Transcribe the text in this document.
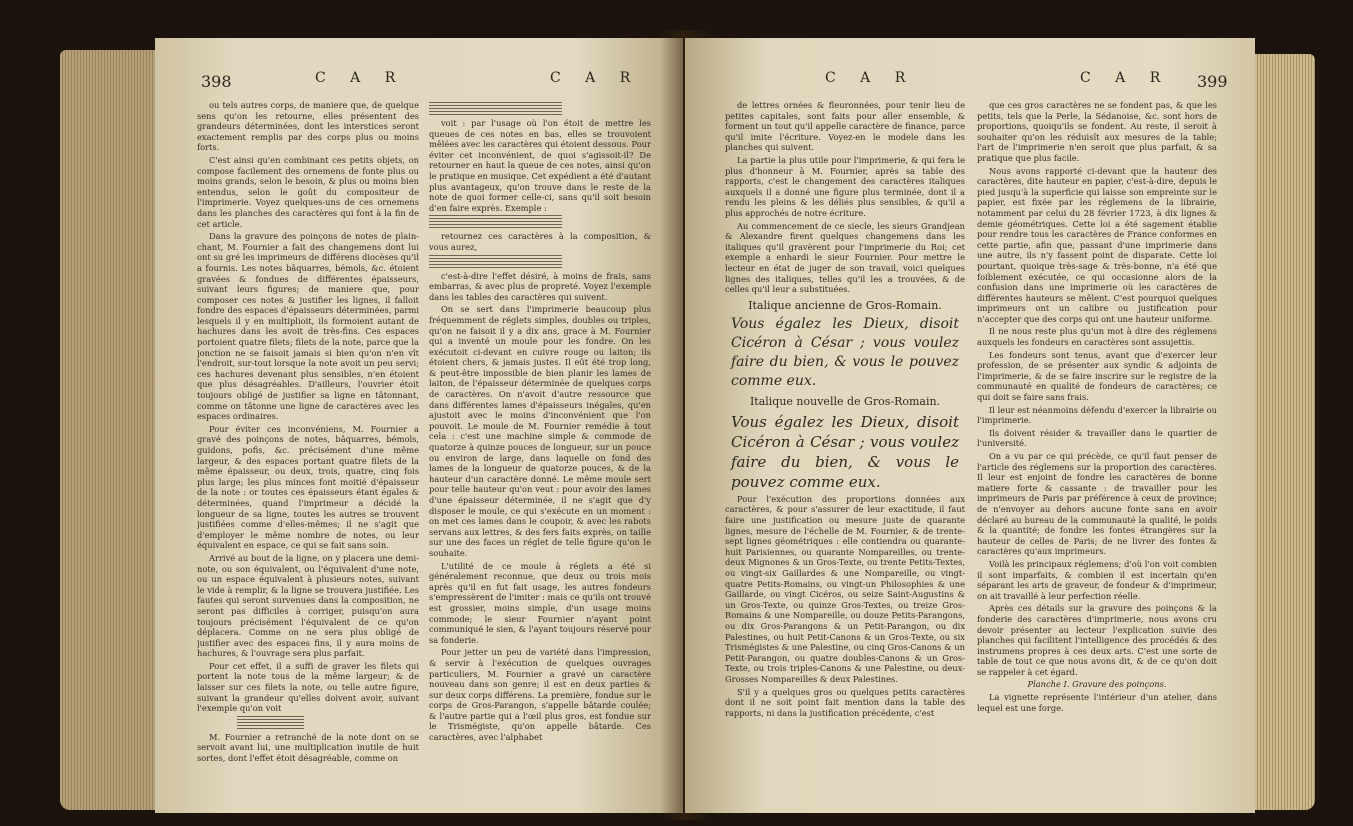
398	C A R	C A R

ou tels autres corps, de maniere que, de quelque sens qu'on les retourne, elles présentent des grandeurs déterminées, dont les interstices seront exactement remplis par des corps plus ou moins forts.

C'est ainsi qu'en combinant ces petits objets, on compose facilement des ornemens de fonte plus ou moins grands, selon le besoin, & plus ou moins bien entendus, selon le goût du compositeur de l'imprimerie. Voyez quelques-uns de ces ornemens dans les planches des caractères qui font à la fin de cet article.

Dans la gravure des poinçons de notes de plain-chant, M. Fournier a fait des changemens dont lui ont su gré les imprimeurs de différens diocèses qu'il a fournis. Les notes bâquarres, bémols, &c. étoient gravées & fondues de différentes épaisseurs, suivant leurs figures; de maniere que, pour composer ces notes & justifier les lignes, il falloit fondre des espaces d'épaisseurs déterminées, parmi lesquels il y en multiplioit, ils formoient autant de hachures dans les avoit de très-fins. Ces espaces portoient quatre filets; filets de la note, parce que la jonction ne se faisoit jamais si bien qu'on n'en vît l'endroit, sur-tout lorsque la note avoit un peu servi; ces hachures devenant plus sensibles, n'en étoient que plus désagréables. D'ailleurs, l'ouvrier étoit toujours obligé de justifier sa ligne en tâtonnant, comme on tâtonne une ligne de caractères avec les espaces ordinaires.

Pour éviter ces inconvéniens, M. Fournier a gravé des poinçons de notes, bâquarres, bémols, guidons, pofis, &c. précisément d'une même largeur, & des espaces portant quatre filets de la même épaisseur, ou deux, trois, quatre, cinq fois plus large; les plus minces font moitié d'épaisseur de la note : or toutes ces épaisseurs étant égales & déterminées, quand l'imprimeur a décidé la longueur de sa ligne, toutes les autres se trouvent justifiées comme d'elles-mêmes; il ne s'agit que d'employer le même nombre de notes, ou leur équivalent en espace, ce qui se fait sans soin.

Arrivé au bout de la ligne, on y placera une demi-note, ou son équivalent, ou l'équivalent d'une note, ou un espace équivalent à plusieurs notes, suivant le vide à remplir, & la ligne se trouvera justifiée. Les fautes qui seront survenues dans la composition, ne seront pas difficiles à corriger, puisqu'on aura toujours précisément l'équivalent de ce qu'on déplacera. Comme on ne sera plus obligé de justifier avec des espaces fins, il y aura moins de hachures, & l'ouvrage sera plus parfait.

Pour cet effet, il a suffi de graver les filets qui portent la note tous de la même largeur; & de laisser sur ces filets la note, ou telle autre figure, suivant la grandeur qu'elles doivent avoir, suivant l'exemple qu'on voit

M. Fournier a retranché de la note dont on se servoit avant lui, une multiplication inutile de huit sortes, dont l'effet étoit désagréable, comme on

voit : par l'usage où l'on étoit de mettre les queues de ces notes en bas, elles se trouvoient mêlées avec les caractères qui étoient dessous. Pour éviter cet inconvénient, de quoi s'agissoit-il? De retourner en haut la queue de ces notes, ainsi qu'on le pratique en musique. Cet expédient a été d'autant plus avantageux, qu'on trouve dans le reste de la note de quoi former celle-ci, sans qu'il soit besoin d'en faire exprès. Exemple :

retournez ces caractères à la composition, & vous aurez,

c'est-à-dire l'effet désiré, à moins de frais, sans embarras, & avec plus de propreté. Voyez l'exemple dans les tables des caractères qui suivent.

On se sert dans l'imprimerie beaucoup plus fréquemment de réglets simples, doubles ou triples, qu'on ne faisoit il y a dix ans, grace à M. Fournier qui a inventé un moule pour les fondre. On les exécutoit ci-devant en cuivre rouge ou laiton; ils étoient chers, & jamais justes. Il eût été trop long, & peut-être impossible de bien planir les lames de laiton, de l'épaisseur déterminée de quelques corps de caractères. On n'avoit d'autre ressource que dans différentes lames d'épaisseurs inégales, qu'en ajustoit avec le moins d'inconvénient que l'on pouvoit. Le moule de M. Fournier remédie à tout cela : c'est une machine simple & commode de quatorze à quinze pouces de longueur, sur un pouce ou environ de large, dans laquelle on fond des lames de la longueur de quatorze pouces, & de la hauteur d'un caractère donné. Le même moule sert pour telle hauteur qu'on veut : pour avoir des lames d'une épaisseur déterminée, il ne s'agit que d'y disposer le moule, ce qui s'exécute en un moment : on met ces lames dans le coupoir, & avec les rabots servans aux lettres, & des fers faits exprès, on taille sur une des faces un réglet de telle figure qu'on le souhaite.

L'utilité de ce moule à réglets a été si généralement reconnue, que deux ou trois mois après qu'il en fut fait usage, les autres fondeurs s'empressèrent de l'imiter : mais ce qu'ils ont trouvé est grossier, moins simple, d'un usage moins commode; le sieur Fournier n'ayant point communiqué le sien, & l'ayant toujours réservé pour sa fonderie.

Pour jetter un peu de variété dans l'impression, & servir à l'exécution de quelques ouvrages particuliers, M. Fournier a gravé un caractère nouveau dans son genre; il est en deux parties & sur deux corps différens. La première, fondue sur le corps de Gros-Parangon, s'appelle bâtarde coulée; & l'autre partie qui a l'œil plus gros, est fondue sur le Trismégiste, qu'on appelle bâtarde. Ces caractères, avec l'alphabet

C A R	C A R 399

de lettres ornées & fleuronnées, pour tenir lieu de petites capitales, sont faits pour aller ensemble, & forment un tout qu'il appelle caractère de finance, parce qu'il imite l'écriture. Voyez-en le modele dans les planches qui suivent.

La partie la plus utile pour l'imprimerie, & qui fera le plus d'honneur à M. Fournier, après sa table des rapports, c'est le changement des caractères italiques auxquels il a donné une figure plus terminée, dont il a rendu les pleins & les déliés plus sensibles, & qu'il a plus approchés de notre écriture.

Au commencement de ce siecle, les sieurs Grandjean & Alexandre firent quelques changemens dans les italiques qu'il gravèrent pour l'imprimerie du Roi; cet exemple a enhardi le sieur Fournier. Pour mettre le lecteur en état de juger de son travail, voici quelques lignes des italiques, telles qu'il les a trouvées, & de celles qu'il leur a substituées.

Italique ancienne de Gros-Romain.
Vous égalez les Dieux, disoit Cicéron à César ; vous voulez faire du bien, & vous le pouvez comme eux.
Italique nouvelle de Gros-Romain.
Vous égalez les Dieux, disoit Cicéron à César ; vous voulez faire du bien, & vous le pouvez comme eux.

Pour l'exécution des proportions données aux caractères, & pour s'assurer de leur exactitude, il faut faire une justification ou mesure juste de quarante lignes, mesure de l'échelle de M. Fournier, & de trente-sept lignes géométriques : elle contiendra ou quarante-huit Parisiennes, ou quarante Nompareilles, ou trente-deux Mignones & un Gros-Texte, ou trente Petits-Textes, ou vingt-six Gaillardes & une Nompareille, ou vingt-quatre Petits-Romains, ou vingt-un Philosophies & une Gaillarde, ou vingt Cicéros, ou seize Saint-Augustins & un Gros-Texte, ou quinze Gros-Textes, ou treize Gros-Romains & une Nompareille, ou douze Petits-Parangons, ou dix Gros-Parangons & un Petit-Parangon, ou dix Palestines, ou huit Petit-Canons & un Gros-Texte, ou six Trismégistes & une Palestine, ou cinq Gros-Canons & un Petit-Parangon, ou quatre doubles-Canons & un Gros-Texte, ou trois triples-Canons & une Palestine, ou deux-Grosses Nompareilles & deux Palestines.

S'il y a quelques gros ou quelques petits caractères dont il ne soit point fait mention dans la table des rapports, ni dans la justification précédente, c'est

que ces gros caractères ne se fondent pas, & que les petits, tels que la Perle, la Sédanoise, &c. sont hors de proportions, quoiqu'ils se fondent. Au reste, il seroit à souhaiter qu'on les réduisît aux mesures de la table; l'art de l'imprimerie n'en seroit que plus parfait, & sa pratique que plus facile.

Nous avons rapporté ci-devant que la hauteur des caractères, dite hauteur en papier, c'est-à-dire, depuis le pied jusqu'à la superficie qui laisse son empreinte sur le papier, est fixée par les réglemens de la librairie, notamment par celui du 28 février 1723, à dix lignes & demie géométriques. Cette loi a été sagement établie pour rendre tous les caractères de France conformes en cette partie, afin que, passant d'une imprimerie dans une autre, ils n'y fassent point de disparate. Cette loi pourtant, quoique très-sage & très-bonne, n'a été que foiblement exécutée, ce qui occasionne alors de la confusion dans une imprimerie où les caractères de différentes hauteurs se mêlent. C'est pourquoi quelques imprimeurs ont un calibre ou justification pour n'accepter que des corps qui ont une hauteur uniforme.

Il ne nous reste plus qu'un mot à dire des réglemens auxquels les fondeurs en caractères sont assujettis.

Les fondeurs sont tenus, avant que d'exercer leur profession, de se présenter aux syndic & adjoints de l'imprimerie, & de se faire inscrire sur le registre de la communauté en qualité de fondeurs de caractères; ce qui doit se faire sans frais.

Il leur est néanmoins défendu d'exercer la librairie ou l'imprimerie.

Ils doivent résider & travailler dans le quartier de l'université.

On a vu par ce qui précède, ce qu'il faut penser de l'article des réglemens sur la proportion des caractères. Il leur est enjoint de fondre les caractères de bonne matiere forte & cassante : de travailler pour les imprimeurs de Paris par préférence à ceux de province; de n'envoyer au dehors aucune fonte sans en avoir déclaré au bureau de la communauté la qualité, le poids & la quantité; de fondre les fontes étrangères sur la hauteur de celles de Paris; de ne livrer des fontes & caractères qu'aux imprimeurs.

Voilà les principaux réglemens; d'où l'on voit combien il sont imparfaits, & combien il est incertain qu'en séparant les arts de graveur, de fondeur & d'imprimeur, on ait travaillé à leur perfection réelle.

Après ces détails sur la gravure des poinçons & la fonderie des caractères d'imprimerie, nous avons cru devoir présenter au lecteur l'explication suivie des planches qui facilitent l'intelligence des procédés & des instrumens propres à ces deux arts. C'est une sorte de table de tout ce que nous avons dit, & de ce qu'on doit se rappeler à cet égard.

Planche I. Gravure des poinçons.

La vignette représente l'intérieur d'un atelier, dans lequel est une forge.
